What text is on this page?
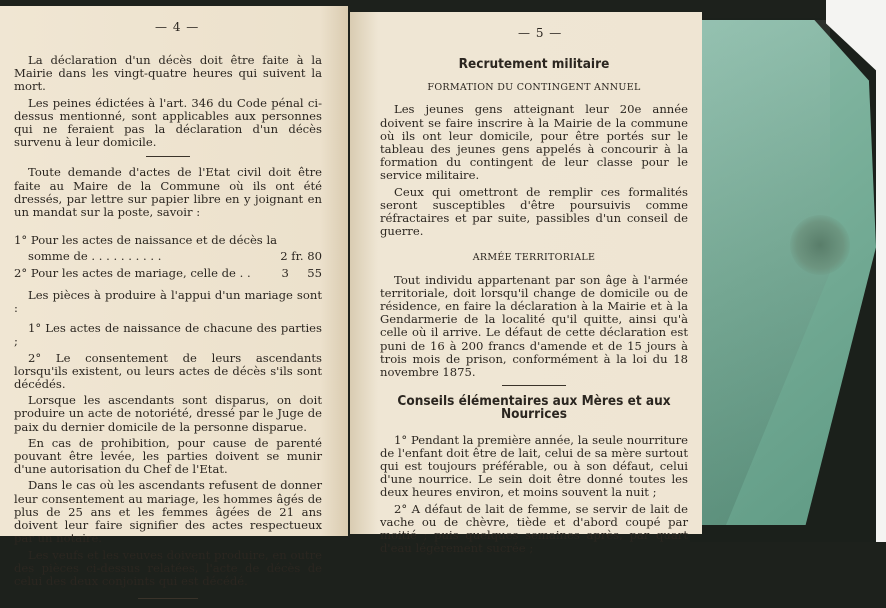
— 4 —

La déclaration d'un décès doit être faite à la Mairie dans les vingt-quatre heures qui suivent la mort.

Les peines édictées à l'art. 346 du Code pénal ci-dessus mentionné, sont applicables aux personnes qui ne feraient pas la déclaration d'un décès survenu à leur domicile.

Toute demande d'actes de l'Etat civil doit être faite au Maire de la Commune où ils ont été dressés, par lettre sur papier libre en y joignant en un mandat sur la poste, savoir :

1° Pour les actes de naissance et de décès la

somme de . . . . . . . . . .	2 fr. 80
2° Pour les actes de mariage, celle de . .	3     55

Les pièces à produire à l'appui d'un mariage sont :

1° Les actes de naissance de chacune des parties ;

2° Le consentement de leurs ascendants lorsqu'ils existent, ou leurs actes de décès s'ils sont décédés.

Lorsque les ascendants sont disparus, on doit produire un acte de notoriété, dressé par le Juge de paix du dernier domicile de la personne disparue.

En cas de prohibition, pour cause de parenté pouvant être levée, les parties doivent se munir d'une autorisation du Chef de l'Etat.

Dans le cas où les ascendants refusent de donner leur consentement au mariage, les hommes âgés de plus de 25 ans et les femmes âgées de 21 ans doivent leur faire signifier des actes respectueux par un notaire.

Les veufs et les veuves doivent produire, en outre des pièces ci-dessus relatées, l'acte de décès de celui des deux conjoints qui est décédé.

— 5 —
Recrutement militaire
FORMATION DU CONTINGENT ANNUEL

Les jeunes gens atteignant leur 20e année doivent se faire inscrire à la Mairie de la commune où ils ont leur domicile, pour être portés sur le tableau des jeunes gens appelés à concourir à la formation du contingent de leur classe pour le service militaire.

Ceux qui omettront de remplir ces formalités seront susceptibles d'être poursuivis comme réfractaires et par suite, passibles d'un conseil de guerre.

ARMÉE TERRITORIALE

Tout individu appartenant par son âge à l'armée territoriale, doit lorsqu'il change de domicile ou de résidence, en faire la déclaration à la Mairie et à la Gendarmerie de la localité qu'il quitte, ainsi qu'à celle où il arrive. Le défaut de cette déclaration est puni de 16 à 200 francs d'amende et de 15 jours à trois mois de prison, conformément à la loi du 18 novembre 1875.

Conseils élémentaires aux Mères et aux Nourrices

1° Pendant la première année, la seule nourriture de l'enfant doit être de lait, celui de sa mère surtout qui est toujours préférable, ou à son défaut, celui d'une nourrice. Le sein doit être donné toutes les deux heures environ, et moins souvent la nuit ;

2° A défaut de lait de femme, se servir de lait de vache ou de chèvre, tiède et d'abord coupé par moitié ; puis quelques semaines après, par quart d'eau légèrement sucrée ;
